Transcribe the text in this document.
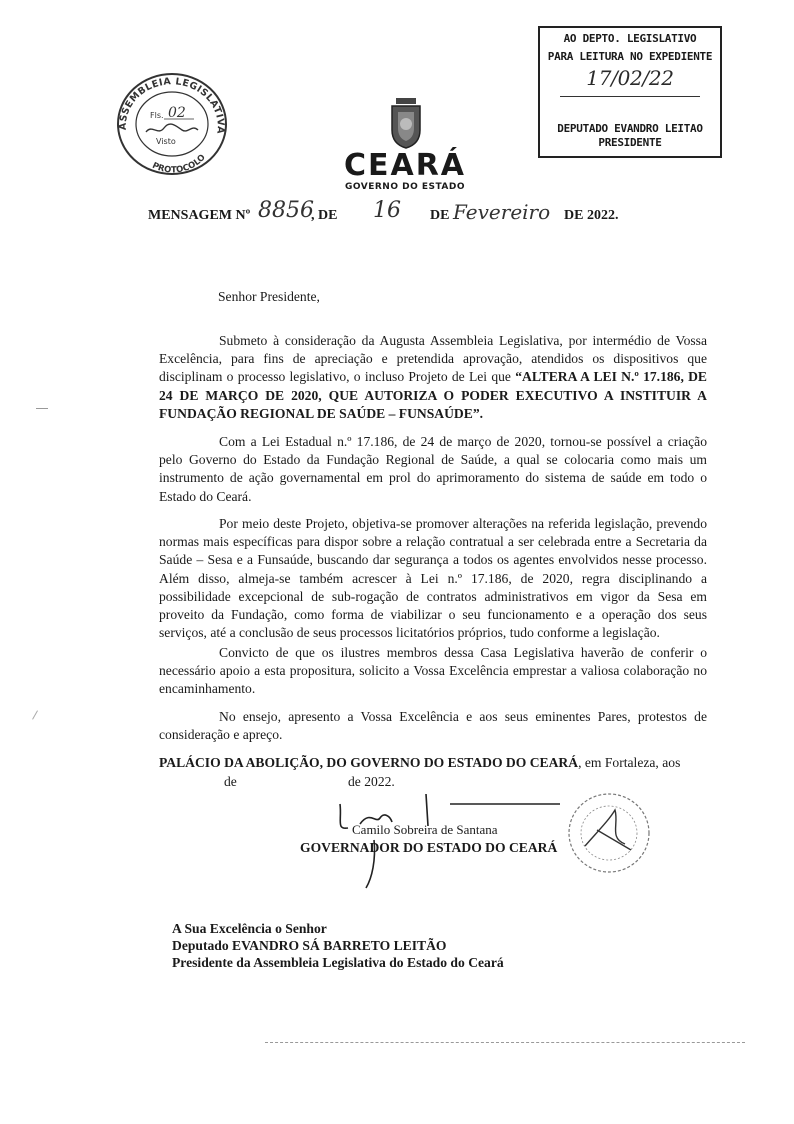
ASSEMBLEIA LEGISLATIVA
PROTOCOLO
Fls. 02
Visto
AO DEPTO. LEGISLATIVO
PARA LEITURA NO EXPEDIENTE
17/02/22
DEPUTADO EVANDRO LEITAO
PRESIDENTE
CEARÁ
GOVERNO DO ESTADO
MENSAGEM Nº 8856
, DE 16 DE Fevereiro DE 2022.
Senhor Presidente,
Submeto à consideração da Augusta Assembleia Legislativa, por intermédio de Vossa Excelência, para fins de apreciação e pretendida aprovação, atendidos os dispositivos que disciplinam o processo legislativo, o incluso Projeto de Lei que “ALTERA A LEI N.º 17.186, DE 24 DE MARÇO DE 2020, QUE AUTORIZA O PODER EXECUTIVO A INSTITUIR A FUNDAÇÃO REGIONAL DE SAÚDE – FUNSAÚDE”.
Com a Lei Estadual n.º 17.186, de 24 de março de 2020, tornou-se possível a criação pelo Governo do Estado da Fundação Regional de Saúde, a qual se colocaria como mais um instrumento de ação governamental em prol do aprimoramento do sistema de saúde em todo o Estado do Ceará.
Por meio deste Projeto, objetiva-se promover alterações na referida legislação, prevendo normas mais específicas para dispor sobre a relação contratual a ser celebrada entre a Secretaria da Saúde – Sesa e a Funsaúde, buscando dar segurança a todos os agentes envolvidos nesse processo. Além disso, almeja-se também acrescer à Lei n.º 17.186, de 2020, regra disciplinando a possibilidade excepcional de sub-rogação de contratos administrativos em vigor da Sesa em proveito da Fundação, como forma de viabilizar o seu funcionamento e a operação dos seus serviços, até a conclusão de seus processos licitatórios próprios, tudo conforme a legislação.
Convicto de que os ilustres membros dessa Casa Legislativa haverão de conferir o necessário apoio a esta propositura, solicito a Vossa Excelência emprestar a valiosa colaboração no encaminhamento.
No ensejo, apresento a Vossa Excelência e aos seus eminentes Pares, protestos de consideração e apreço.
PALÁCIO DA ABOLIÇÃO, DO GOVERNO DO ESTADO DO CEARÁ, em Fortaleza, aos
de	de 2022.
Camilo Sobreira de Santana
GOVERNADOR DO ESTADO DO CEARÁ
A Sua Excelência o Senhor
Deputado EVANDRO SÁ BARRETO LEITÃO
Presidente da Assembleia Legislativa do Estado do Ceará
